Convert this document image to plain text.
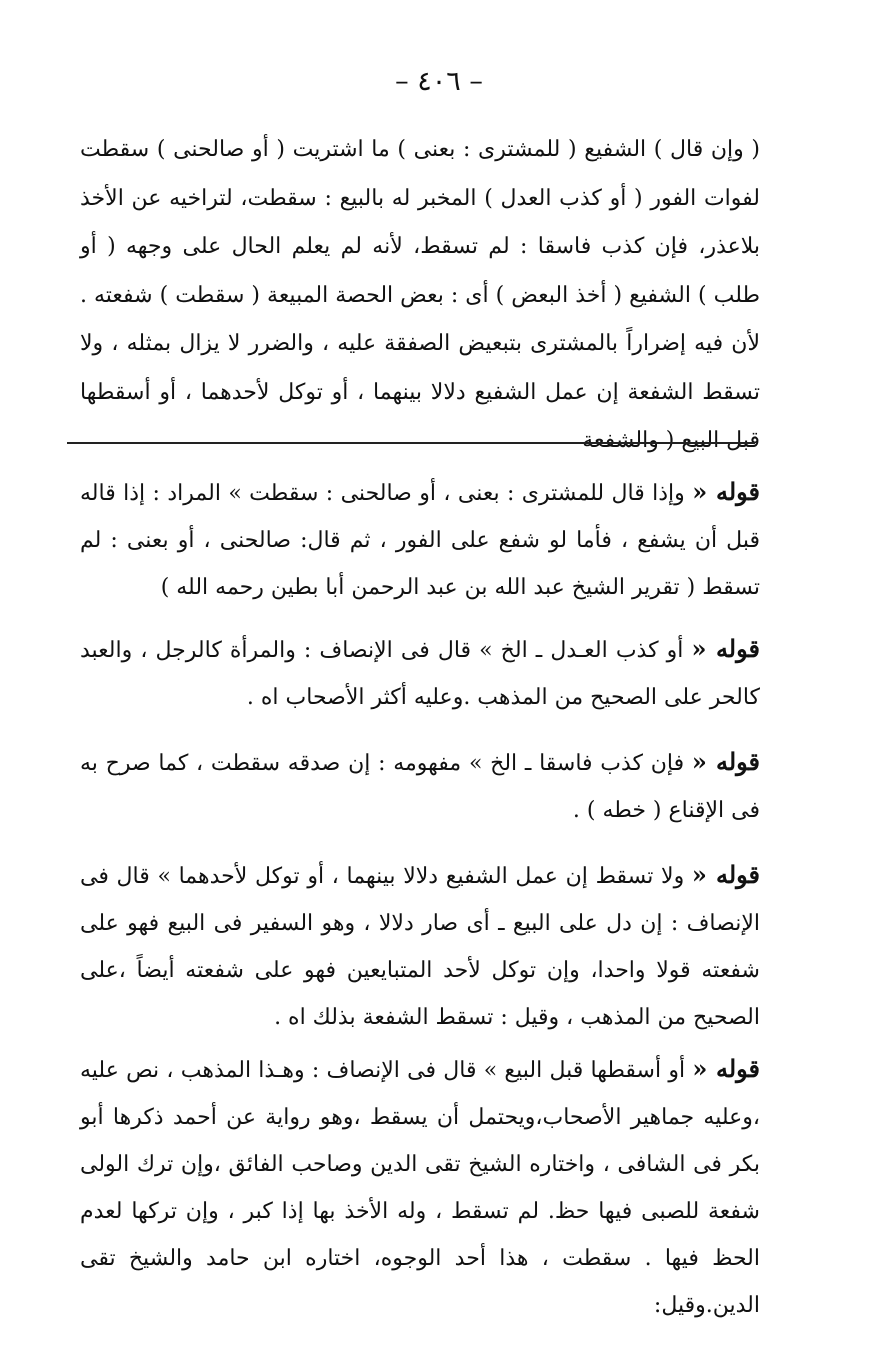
– ٤٠٦ –

( وإن قال ) الشفيع ( للمشترى : بعنى ) ما اشتريت ( أو صالحنى ) سقطت لفوات الفور ( أو كذب العدل ) المخبر له بالبيع : سقطت، لتراخيه عن الأخذ بلاعذر، فإن كذب فاسقا : لم تسقط، لأنه لم يعلم الحال على وجهه ( أو طلب ) الشفيع ( أخذ البعض ) أى : بعض الحصة المبيعة ( سقطت ) شفعته . لأن فيه إضراراً بالمشترى بتبعيض الصفقة عليه ، والضرر لا يزال بمثله ، ولا تسقط الشفعة إن عمل الشفيع دلالا بينهما ، أو توكل لأحدهما ، أو أسقطها قبل البيع ( والشفعة

قوله « وإذا قال للمشترى : بعنى ، أو صالحنى : سقطت » المراد : إذا قاله قبل أن يشفع ، فأما لو شفع على الفور ، ثم قال: صالحنى ، أو بعنى : لم تسقط ( تقرير الشيخ عبد الله بن عبد الرحمن أبا بطين رحمه الله )

قوله « أو كذب العـدل ـ الخ » قال فى الإنصاف : والمرأة كالرجل ، والعبد كالحر على الصحيح من المذهب .وعليه أكثر الأصحاب اه .

قوله « فإن كذب فاسقا ـ الخ » مفهومه : إن صدقه سقطت ، كما صرح به فى الإقناع ( خطه ) .

قوله « ولا تسقط إن عمل الشفيع دلالا بينهما ، أو توكل لأحدهما » قال فى الإنصاف : إن دل على البيع ـ أى صار دلالا ، وهو السفير فى البيع فهو على شفعته قولا واحدا، وإن توكل لأحد المتبايعين فهو على شفعته أيضاً ،على الصحيح من المذهب ، وقيل : تسقط الشفعة بذلك اه .

قوله « أو أسقطها قبل البيع » قال فى الإنصاف : وهـذا المذهب ، نص عليه ،وعليه جماهير الأصحاب،ويحتمل أن يسقط ،وهو رواية عن أحمد ذكرها أبو بكر فى الشافى ، واختاره الشيخ تقى الدين وصاحب الفائق ،وإن ترك الولى شفعة للصبى فيها حظ. لم تسقط ، وله الأخذ بها إذا كبر ، وإن تركها لعدم الحظ فيها . سقطت ، هذا أحد الوجوه، اختاره ابن حامد والشيخ تقى الدين.وقيل:
